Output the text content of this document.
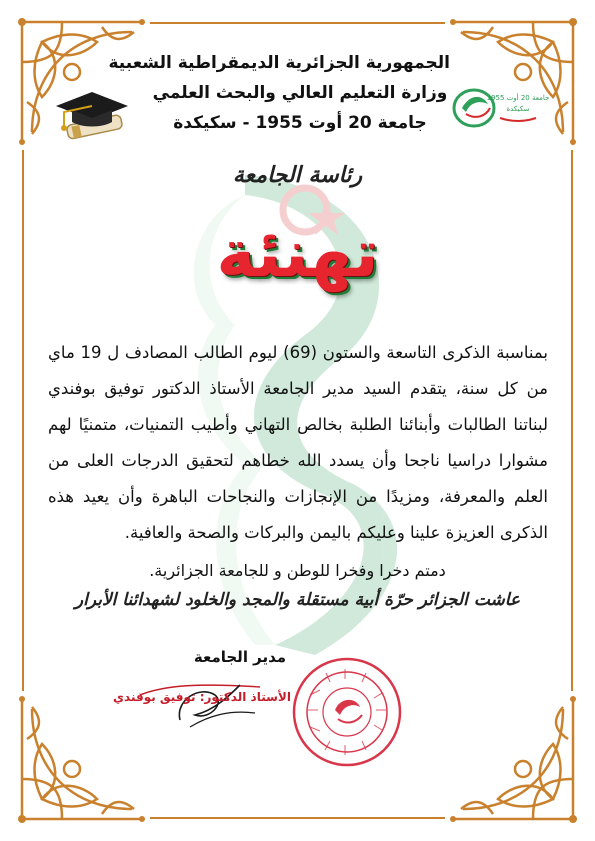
الجمهورية الجزائرية الديمقراطية الشعبية
وزارة التعليم العالي والبحث العلمي
جامعة 20 أوت 1955 - سكيكدة
جامعة 20 أوت 1955
سكيكدة
رئاسة الجامعة
تهنئة

بمناسبة الذكرى التاسعة والستون (69) ليوم الطالب المصادف ل 19 ماي من كل سنة، يتقدم السيد مدير الجامعة الأستاذ الدكتور توفيق بوفندي لبناتنا الطالبات وأبنائنا الطلبة بخالص التهاني وأطيب التمنيات، متمنيًا لهم مشوارا دراسيا ناجحا وأن يسدد الله خطاهم لتحقيق الدرجات العلى من العلم والمعرفة، ومزيدًا من الإنجازات والنجاحات الباهرة وأن يعيد هذه الذكرى العزيزة علينا وعليكم باليمن والبركات والصحة والعافية.

دمتم دخرا وفخرا للوطن و للجامعة الجزائرية.
عاشت الجزائر حرّة أبية مستقلة والمجد والخلود لشهدائنا الأبرار
مدير الجامعة
الأستاذ الدكتور: توفيق بوفندي
